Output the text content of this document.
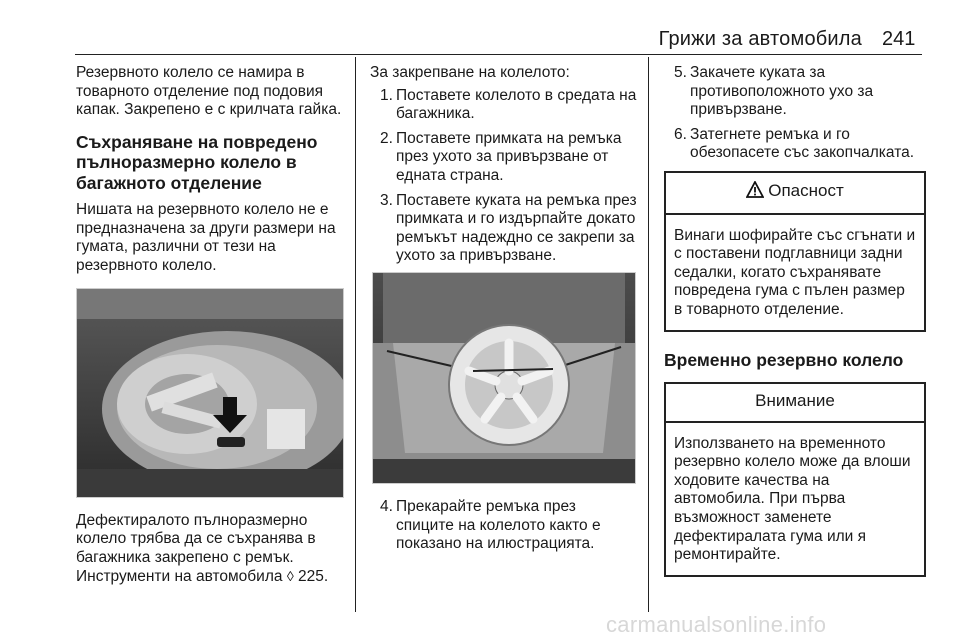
Грижи за автомобила 241

Резервното колело се намира в товарното отделение под подовия капак. Закрепено е с крилчата гайка.

Съхраняване на повредено пълноразмерно колело в багажното отделение

Нишата на резервното колело не е предназначена за други размери на гумата, различни от тези на резервното колело.

Дефектиралото пълноразмерно колело трябва да се съхранява в багажника закрепено с ремък. Инструменти на автомобила ◊ 225.

За закрепване на колелото:

1. Поставете колелото в средата на багажника.
2. Поставете примката на ремъка през ухото за привързване от едната страна.
3. Поставете куката на ремъка през примката и го издърпайте докато ремъкът надеждно се закрепи за ухото за привързване.
4. Прекарайте ремъка през спиците на колелото както е показано на илюстрацията.
5. Закачете куката за противоположното ухо за привързване.
6. Затегнете ремъка и го обезопасете със закопчалката.
Опасност
Винаги шофирайте със сгънати и с поставени подглавници задни седалки, когато съхранявате повредена гума с пълен размер в товарното отделение.
Временно резервно колело
Внимание
Използването на временното резервно колело може да влоши ходовите качества на автомобила. При първа възможност заменете дефектиралата гума или я ремонтирайте.
carmanualsonline.info
